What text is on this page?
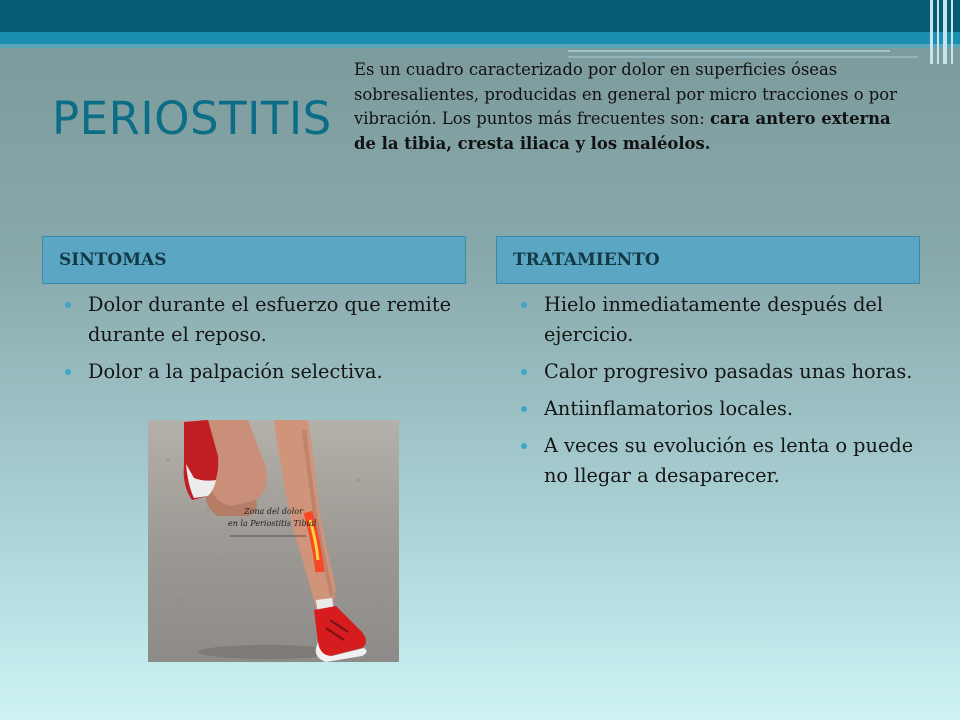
PERIOSTITIS

Es un cuadro caracterizado por dolor en superficies óseas sobresalientes, producidas en general por micro tracciones o por vibración. Los puntos más frecuentes son: cara antero externa de la tibia, cresta iliaca y los maléolos.

SINTOMAS
Dolor durante el esfuerzo que remite durante el reposo.
Dolor a la palpación selectiva.
TRATAMIENTO
Hielo inmediatamente después del ejercicio.
Calor progresivo pasadas unas horas.
Antiinflamatorios locales.
A veces su evolución es lenta o puede no llegar a desaparecer.
Zona del dolor
en la Periostitis Tibial
